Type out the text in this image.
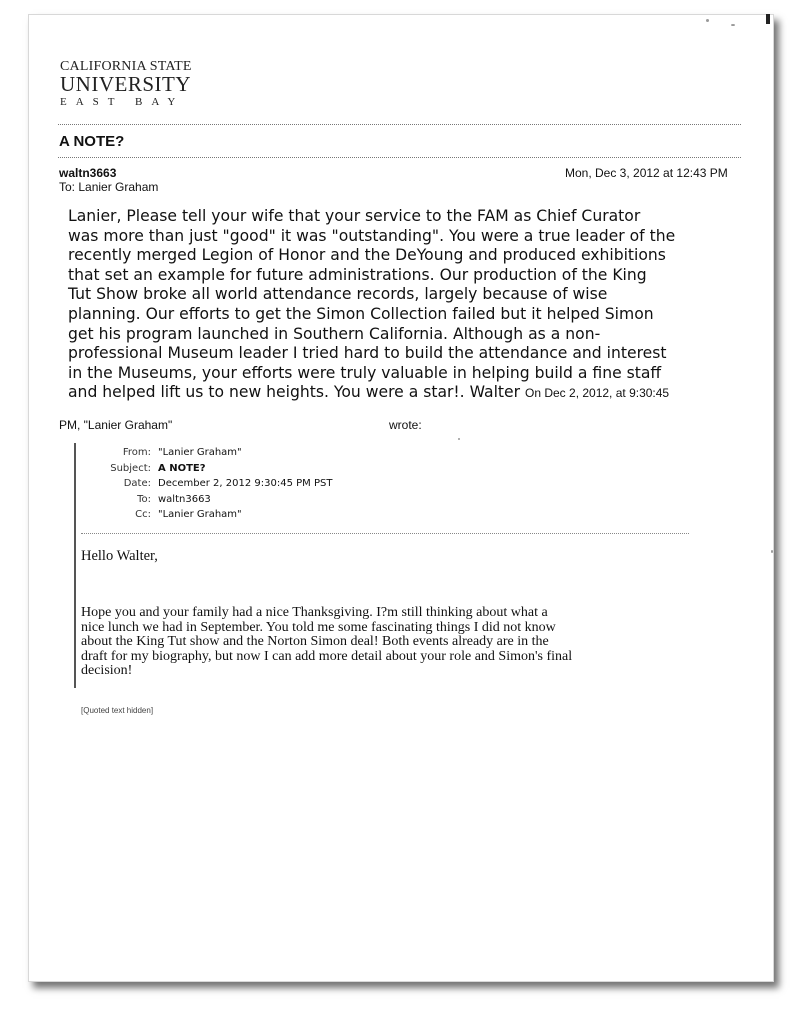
CALIFORNIA STATE
UNIVERSITY
EAST BAY
A NOTE?
waltn3663
To: Lanier Graham
Mon, Dec 3, 2012 at 12:43 PM
Lanier, Please tell your wife that your service to the FAM as Chief Curator
was more than just "good" it was "outstanding". You were a true leader of the
recently merged Legion of Honor and the DeYoung and produced exhibitions
that set an example for future administrations. Our production of the King
Tut Show broke all world attendance records, largely because of wise
planning. Our efforts to get the Simon Collection failed but it helped Simon
get his program launched in Southern California. Although as a non-
professional Museum leader I tried hard to build the attendance and interest
in the Museums, your efforts were truly valuable in helping build a fine staff
and helped lift us to new heights. You were a star!. Walter On Dec 2, 2012, at 9:30:45
PM, "Lanier Graham"	wrote:
From:
Subject:
Date:
To:
Cc:
"Lanier Graham"
A NOTE?
December 2, 2012 9:30:45 PM PST
waltn3663
"Lanier Graham"
Hello Walter,
Hope you and your family had a nice Thanksgiving. I?m still thinking about what a
nice lunch we had in September. You told me some fascinating things I did not know
about the King Tut show and the Norton Simon deal! Both events already are in the
draft for my biography, but now I can add more detail about your role and Simon's final
decision!
[Quoted text hidden]
